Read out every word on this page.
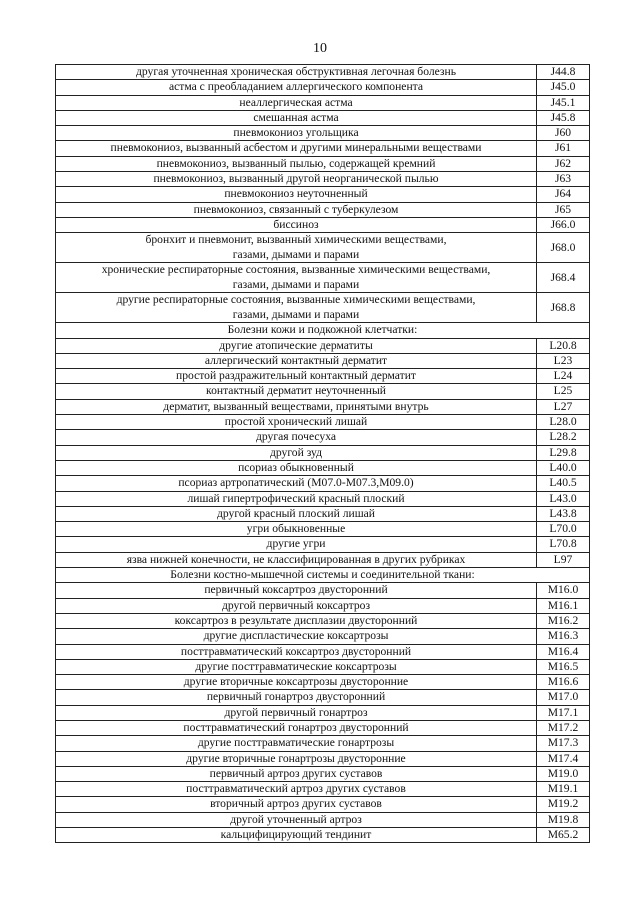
10
другая уточненная хроническая обструктивная легочная болезнь	J44.8
астма с преобладанием аллергического компонента	J45.0
неаллергическая астма	J45.1
смешанная астма	J45.8
пневмокониоз угольщика	J60
пневмокониоз, вызванный асбестом и другими минеральными веществами	J61
пневмокониоз, вызванный пылью, содержащей кремний	J62
пневмокониоз, вызванный другой неорганической пылью	J63
пневмокониоз неуточненный	J64
пневмокониоз, связанный с туберкулезом	J65
биссиноз	J66.0

бронхит и пневмонит, вызванный химическими веществами,
газами, дымами и парами	J68.0

хронические респираторные состояния, вызванные химическими веществами,
газами, дымами и парами	J68.4

другие респираторные состояния, вызванные химическими веществами,
газами, дымами и парами	J68.8
Болезни кожи и подкожной клетчатки:	
другие атопические дерматиты	L20.8
аллергический контактный дерматит	L23
простой раздражительный контактный дерматит	L24
контактный дерматит неуточненный	L25
дерматит, вызванный веществами, принятыми внутрь	L27
простой хронический лишай	L28.0
другая почесуха	L28.2
другой зуд	L29.8
псориаз обыкновенный	L40.0
псориаз артропатический (M07.0-M07.3,M09.0)	L40.5
лишай гипертрофический красный плоский	L43.0
другой красный плоский лишай	L43.8
угри обыкновенные	L70.0
другие угри	L70.8
язва нижней конечности, не классифицированная в других рубриках	L97
Болезни костно-мышечной системы и соединительной ткани:	
первичный коксартроз двусторонний	M16.0
другой первичный коксартроз	M16.1
коксартроз в результате дисплазии двусторонний	M16.2
другие диспластические коксартрозы	M16.3
посттравматический коксартроз двусторонний	M16.4
другие посттравматические коксартрозы	M16.5
другие вторичные коксартрозы двусторонние	M16.6
первичный гонартроз двусторонний	M17.0
другой первичный гонартроз	M17.1
посттравматический гонартроз двусторонний	M17.2
другие посттравматические гонартрозы	M17.3
другие вторичные гонартрозы двусторонние	M17.4
первичный артроз других суставов	M19.0
посттравматический артроз других суставов	M19.1
вторичный артроз других суставов	M19.2
другой уточненный артроз	M19.8
кальцифицирующий тендинит	M65.2
